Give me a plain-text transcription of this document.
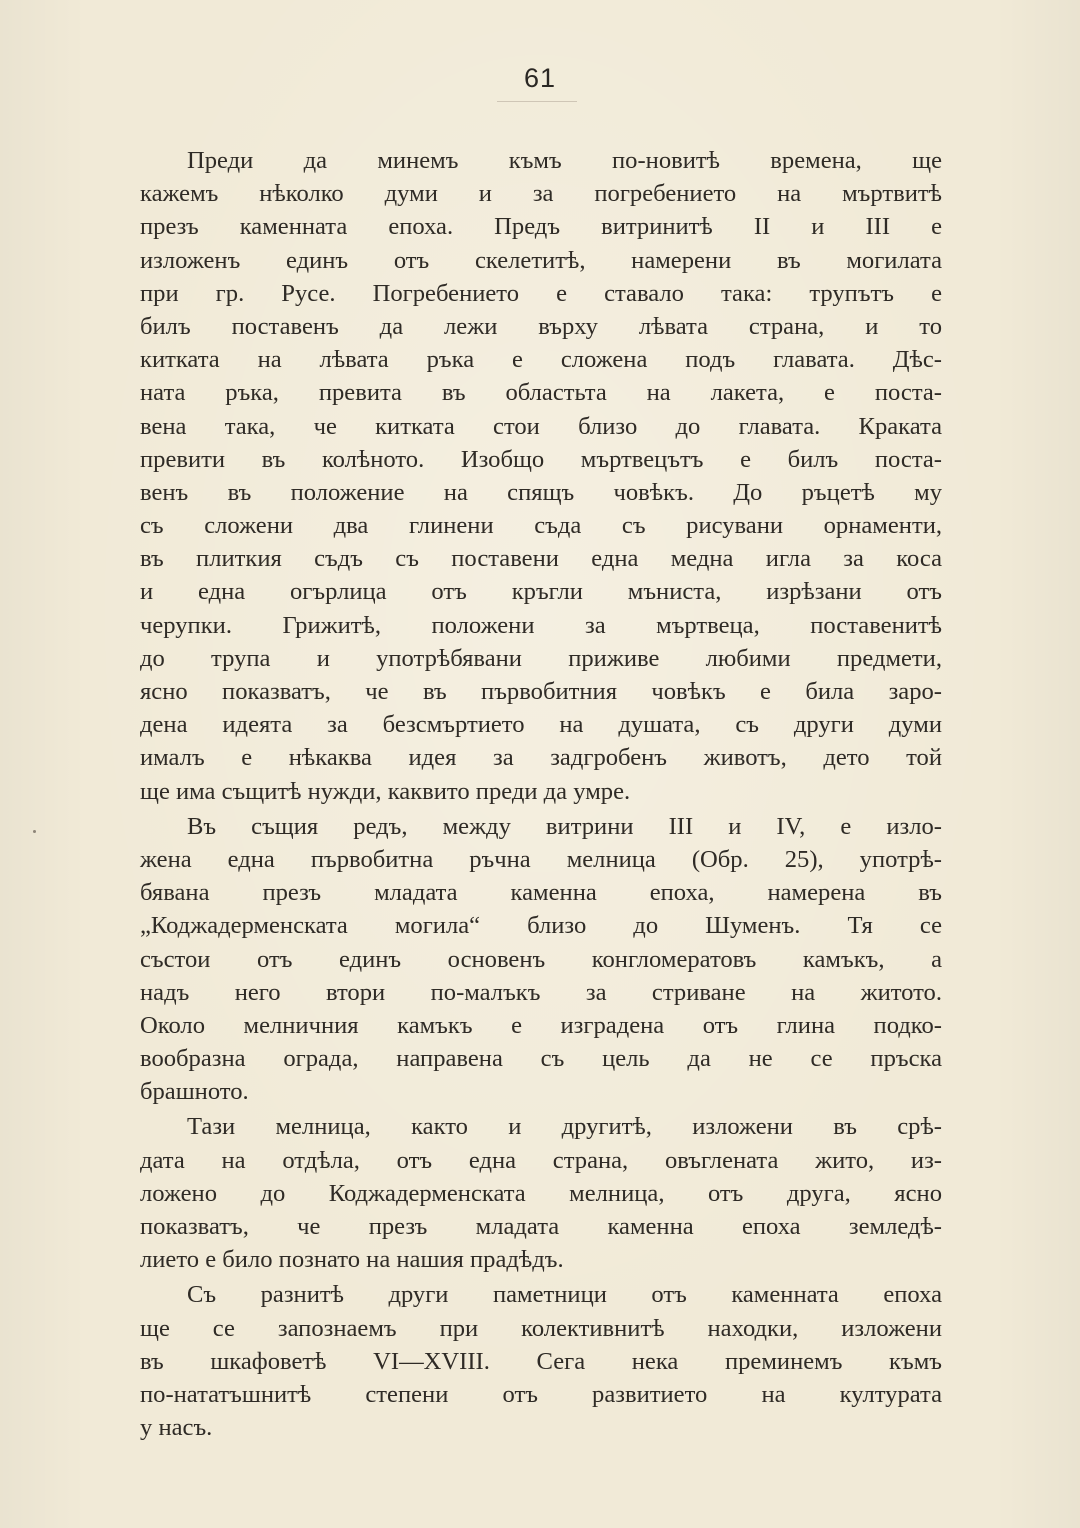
61
Преди да минемъ къмъ по-новитѣ времена, ще
кажемъ нѣколко думи и за погребението на мъртвитѣ
презъ каменната епоха. Предъ витринитѣ II и III е
изложенъ единъ отъ скелетитѣ, намерени въ могилата
при гр. Русе. Погребението е ставало така: трупътъ е
билъ поставенъ да лежи върху лѣвата страна, и то
китката на лѣвата ръка е сложена подъ главата. Дѣс-
ната ръка, превита въ областьта на лакета, е поста-
вена така, че китката стои близо до главата. Краката
превити въ колѣното. Изобщо мъртвецътъ е билъ поста-
венъ въ положение на спящъ човѣкъ. До ръцетѣ му
съ сложени два глинени съда съ рисувани орнаменти,
въ плиткия съдъ съ поставени една медна игла за коса
и една огърлица отъ кръгли мъниста, изрѣзани отъ
черупки. Грижитѣ, положени за мъртвеца, поставенитѣ
до трупа и употрѣбявани приживе любими предмети,
ясно показватъ, че въ първобитния човѣкъ е била заро-
дена идеята за безсмъртието на душата, съ други думи
ималъ е нѣкаква идея за задгробенъ животъ, дето той
ще има същитѣ нужди, каквито преди да умре.
Въ същия редъ, между витрини III и IV, е изло-
жена една първобитна ръчна мелница (Обр. 25), употрѣ-
бявана презъ младата каменна епоха, намерена въ
„Коджадерменската могила“ близо до Шуменъ. Тя се
състои отъ единъ основенъ конгломератовъ камъкъ, а
надъ него втори по-малъкъ за стриване на житото.
Около мелничния камъкъ е изградена отъ глина подко-
вообразна ограда, направена съ цель да не се пръска
брашното.
Тази мелница, както и другитѣ, изложени въ срѣ-
дата на отдѣла, отъ една страна, овъглената жито, из-
ложено до Коджадерменската мелница, отъ друга, ясно
показватъ, че презъ младата каменна епоха земледѣ-
лието е било познато на нашия прадѣдъ.
Съ разнитѣ други паметници отъ каменната епоха
ще се запознаемъ при колективнитѣ находки, изложени
въ шкафоветѣ VI—XVIII. Сега нека преминемъ къмъ
по-нататъшнитѣ степени отъ развитието на културата
у насъ.
